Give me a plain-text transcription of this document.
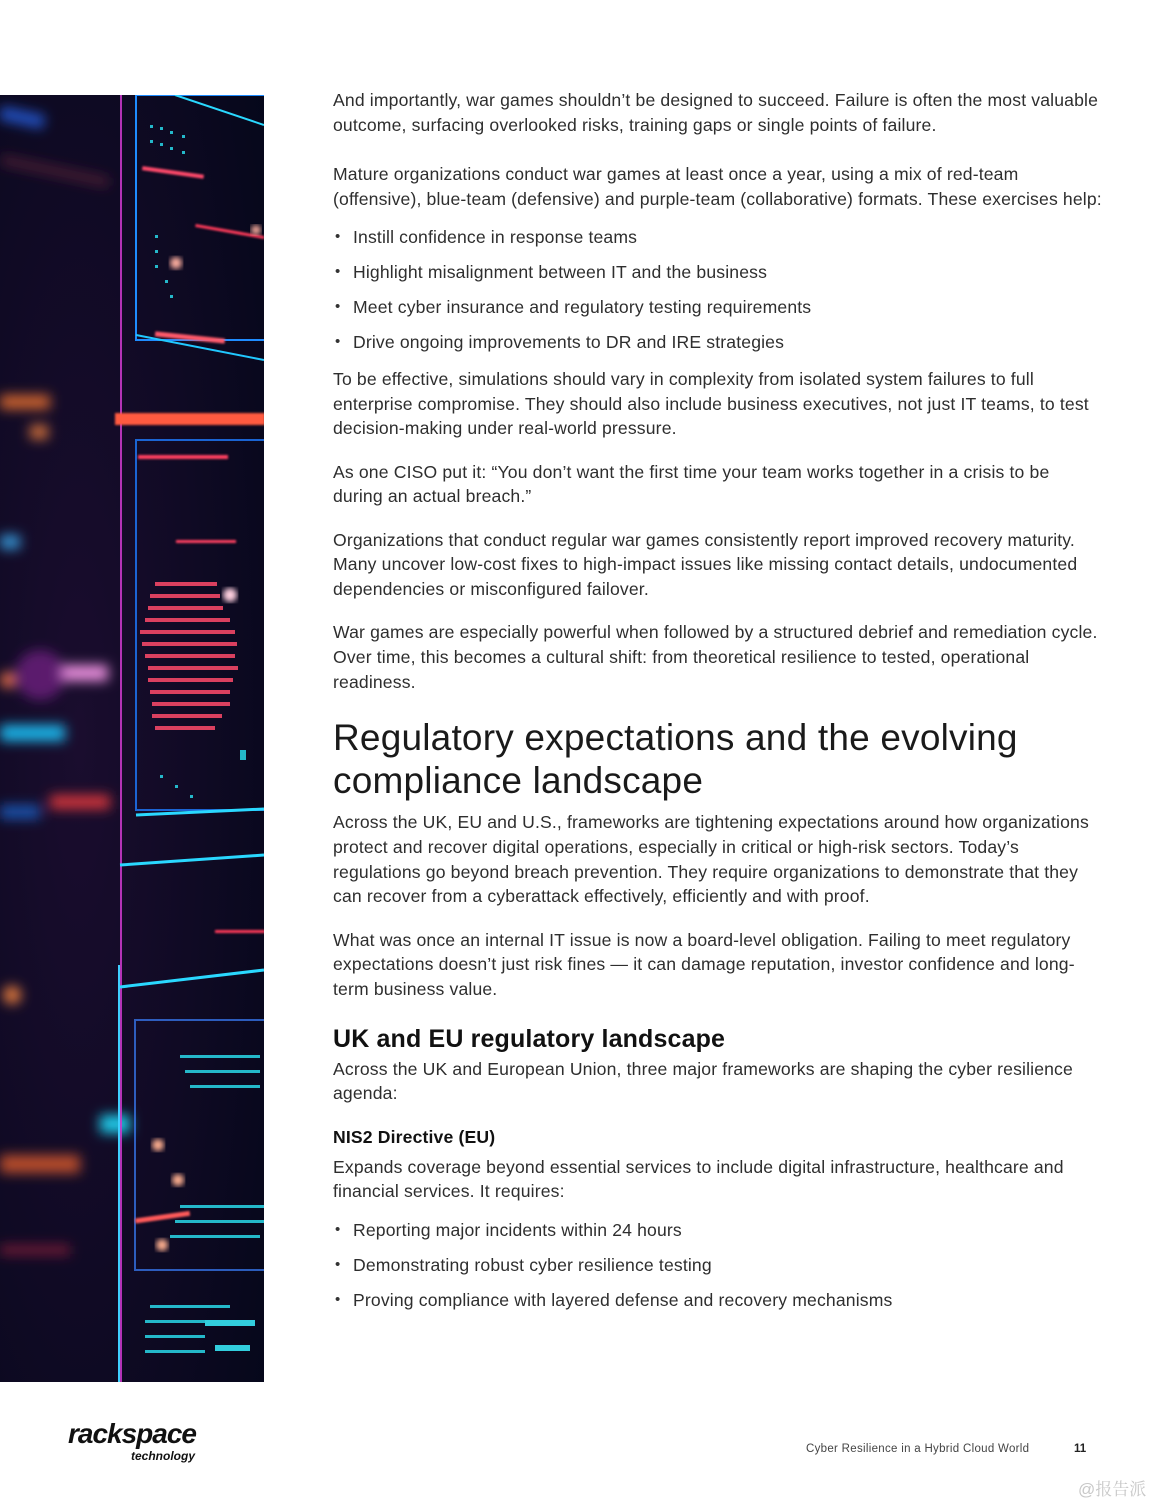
And importantly, war games shouldn’t be designed to succeed. Failure is often the most valuable outcome, surfacing overlooked risks, training gaps or single points of failure.

Mature organizations conduct war games at least once a year, using a mix of red-team (offensive), blue-team (defensive) and purple-team (collaborative) formats. These exercises help:

• Instill confidence in response teams
• Highlight misalignment between IT and the business
• Meet cyber insurance and regulatory testing requirements
• Drive ongoing improvements to DR and IRE strategies

To be effective, simulations should vary in complexity from isolated system failures to full enterprise compromise. They should also include business executives, not just IT teams, to test decision-making under real-world pressure.

As one CISO put it: “You don’t want the first time your team works together in a crisis to be during an actual breach.”

Organizations that conduct regular war games consistently report improved recovery maturity. Many uncover low-cost fixes to high-impact issues like missing contact details, undocumented dependencies or misconfigured failover.

War games are especially powerful when followed by a structured debrief and remediation cycle. Over time, this becomes a cultural shift: from theoretical resilience to tested, operational readiness.

Regulatory expectations and the evolving compliance landscape

Across the UK, EU and U.S., frameworks are tightening expectations around how organizations protect and recover digital operations, especially in critical or high-risk sectors. Today’s regulations go beyond breach prevention. They require organizations to demonstrate that they can recover from a cyberattack effectively, efficiently and with proof.

What was once an internal IT issue is now a board-level obligation. Failing to meet regulatory expectations doesn’t just risk fines — it can damage reputation, investor confidence and long-term business value.

UK and EU regulatory landscape

Across the UK and European Union, three major frameworks are shaping the cyber resilience agenda:

NIS2 Directive (EU)

Expands coverage beyond essential services to include digital infrastructure, healthcare and financial services. It requires:

• Reporting major incidents within 24 hours
• Demonstrating robust cyber resilience testing
• Proving compliance with layered defense and recovery mechanisms
rackspace
technology	Cyber Resilience in a Hybrid Cloud World	11
@报告派
